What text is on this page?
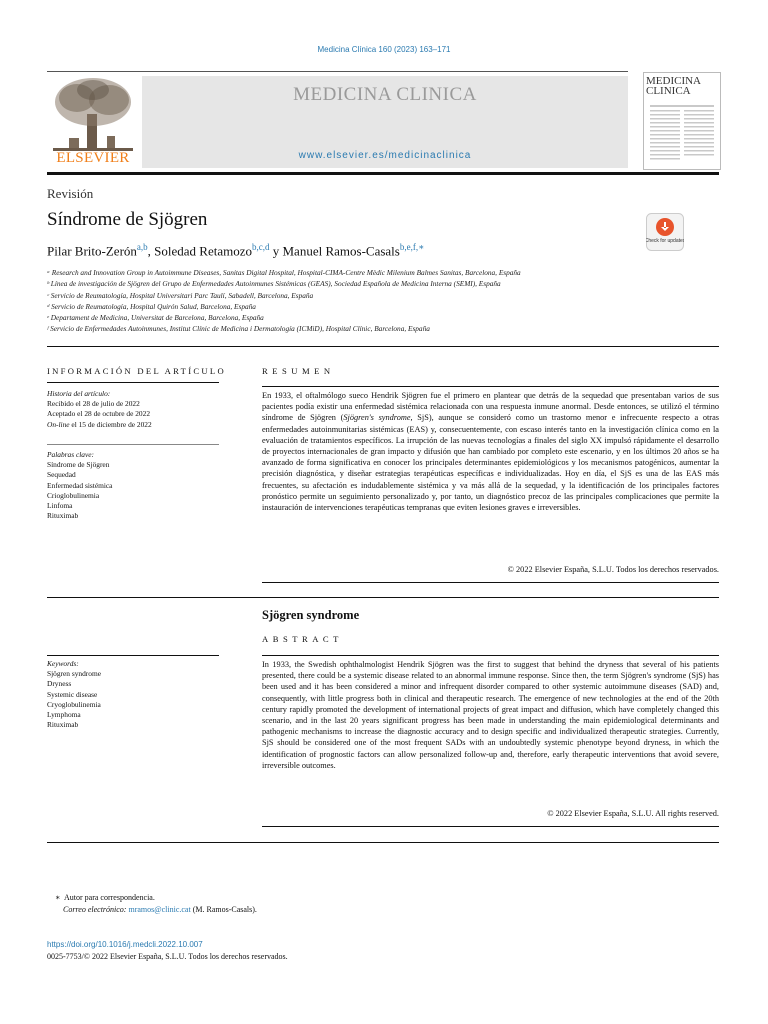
Medicina Clínica 160 (2023) 163–171
ELSEVIER
MEDICINA CLINICA
www.elsevier.es/medicinaclinica
MEDICINA
CLINICA
Revisión
Síndrome de Sjögren
Pilar Brito-Zerón$^{a,b}$, Soledad Retamozo$^{b,c,d}$ y Manuel Ramos-Casals$^{b,e,f,∗}$
Check for updates
ᵃ Research and Innovation Group in Autoimmune Diseases, Sanitas Digital Hospital, Hospital-CIMA-Centre Mèdic Milenium Balmes Sanitas, Barcelona, España
ᵇ Línea de investigación de Sjögren del Grupo de Enfermedades Autoinmunes Sistémicas (GEAS), Sociedad Española de Medicina Interna (SEMI), España
ᶜ Servicio de Reumatología, Hospital Universitari Parc Taulí, Sabadell, Barcelona, España
ᵈ Servicio de Reumatología, Hospital Quirón Salud, Barcelona, España
ᵉ Departament de Medicina, Universitat de Barcelona, Barcelona, España
ᶠ Servicio de Enfermedades Autoinmunes, Institut Clínic de Medicina i Dermatología (ICMiD), Hospital Clínic, Barcelona, España
INFORMACIÓN DEL ARTÍCULO
Historia del artículo:
Recibido el 28 de julio de 2022
Aceptado el 28 de octubre de 2022
On-line el 15 de diciembre de 2022
Palabras clave:
Síndrome de Sjögren
Sequedad
Enfermedad sistémica
Crioglobulinemia
Linfoma
Rituximab
RESUMEN
En 1933, el oftalmólogo sueco Hendrik Sjögren fue el primero en plantear que detrás de la sequedad que presentaban varios de sus pacientes podía existir una enfermedad sistémica relacionada con una respuesta inmune anormal. Desde entonces, se utilizó el término síndrome de Sjögren (Sjögren's syndrome, SjS), aunque se consideró como un trastorno menor e infrecuente respecto a otras enfermedades autoinmunitarias sistémicas (EAS) y, consecuentemente, con escaso interés tanto en la investigación clínica como en la evaluación de tratamientos específicos. La irrupción de las nuevas tecnologías a finales del siglo XX impulsó rápidamente el desarrollo de proyectos internacionales de gran impacto y difusión que han cambiado por completo este escenario, y en los últimos 20 años se ha avanzado de forma significativa en conocer los principales determinantes epidemiológicos y los mecanismos patogénicos, aumentar la precisión diagnóstica, y diseñar estrategias terapéuticas específicas e individualizadas. Hoy en día, el SjS es una de las EAS más frecuentes, su afectación es indudablemente sistémica y va más allá de la sequedad, y la identificación de los principales factores pronóstico permite un seguimiento personalizado y, por tanto, un diagnóstico precoz de las principales complicaciones que permite la instauración de intervenciones terapéuticas tempranas que eviten lesiones graves e irreversibles.
© 2022 Elsevier España, S.L.U. Todos los derechos reservados.
Sjögren syndrome
ABSTRACT
Keywords:
Sjögren syndrome
Dryness
Systemic disease
Cryoglobulinemia
Lymphoma
Rituximab
In 1933, the Swedish ophthalmologist Hendrik Sjögren was the first to suggest that behind the dryness that several of his patients presented, there could be a systemic disease related to an abnormal immune response. Since then, the term Sjögren's syndrome (SjS) has been used and it has been considered a minor and infrequent disorder compared to other systemic autoimmune diseases (SAD) and, consequently, with little progress both in clinical and therapeutic research. The emergence of new technologies at the end of the 20th century rapidly promoted the development of international projects of great impact and diffusion, which have completely changed this scenario, and in the last 20 years significant progress has been made in understanding the main epidemiological determinants and pathogenic mechanisms to increase the diagnostic accuracy and to design specific and individualized therapeutic strategies. Currently, SjS should be considered one of the most frequent SADs with an undoubtedly systemic phenotype beyond dryness, in which the identification of prognostic factors can allow personalized follow-up and, therefore, early therapeutic interventions that avoid severe, irreversible outcomes.
© 2022 Elsevier España, S.L.U. All rights reserved.
∗ Autor para correspondencia.
Correo electrónico: mramos@clinic.cat (M. Ramos-Casals).
https://doi.org/10.1016/j.medcli.2022.10.007
0025-7753/© 2022 Elsevier España, S.L.U. Todos los derechos reservados.
